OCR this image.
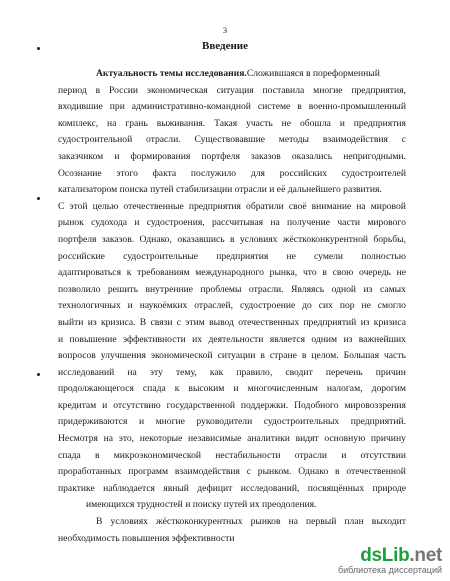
3
Введение
Актуальность темы исследования. Сложившаяся в пореформенный
период в России экономическая ситуация поставила многие предприятия,
входившие при административно-командной системе в военно-промышленный
комплекс, на грань выживания. Такая участь не обошла и предприятия
судостроительной отрасли. Существовавшие методы взаимодействия с
заказчиком и формирования портфеля заказов оказались непригодными.
Осознание этого факта послужило для российских судостроителей
катализатором поиска путей стабилизации отрасли и её дальнейшего развития.
С этой целью отечественные предприятия обратили своё внимание на мировой
рынок судохода и судостроения, рассчитывая на получение части мирового
портфеля заказов. Однако, оказавшись в условиях жёсткоконкурентной борьбы,
российские судостроительные предприятия не сумели полностью
адаптироваться к требованиям международного рынка, что в свою очередь не
позволило решить внутренние проблемы отрасли. Являясь одной из самых
технологичных и наукоёмких отраслей, судостроение до сих пор не смогло
выйти из кризиса. В связи с этим вывод отечественных предприятий из кризиса
и повышение эффективности их деятельности является одним из важнейших
вопросов улучшения экономической ситуации в стране в целом. Большая часть
исследований на эту тему, как правило, сводит перечень причин
продолжающегося спада к высоким и многочисленным налогам, дорогим
кредитам и отсутствию государственной поддержки. Подобного мировоззрения
придерживаются и многие руководители судостроительных предприятий.
Несмотря на это, некоторые независимые аналитики видят основную причину
спада в микроэкономической нестабильности отрасли и отсутствии
проработанных программ взаимодействия с рынком. Однако в отечественной
практике наблюдается явный дефицит исследований, посвящённых природе
имеющихся трудностей и поиску путей их преодоления.
В условиях жёсткоконкурентных рынков на первый план выходит
необходимость повышения эффективности
dsLib.net
библиотека диссертаций
